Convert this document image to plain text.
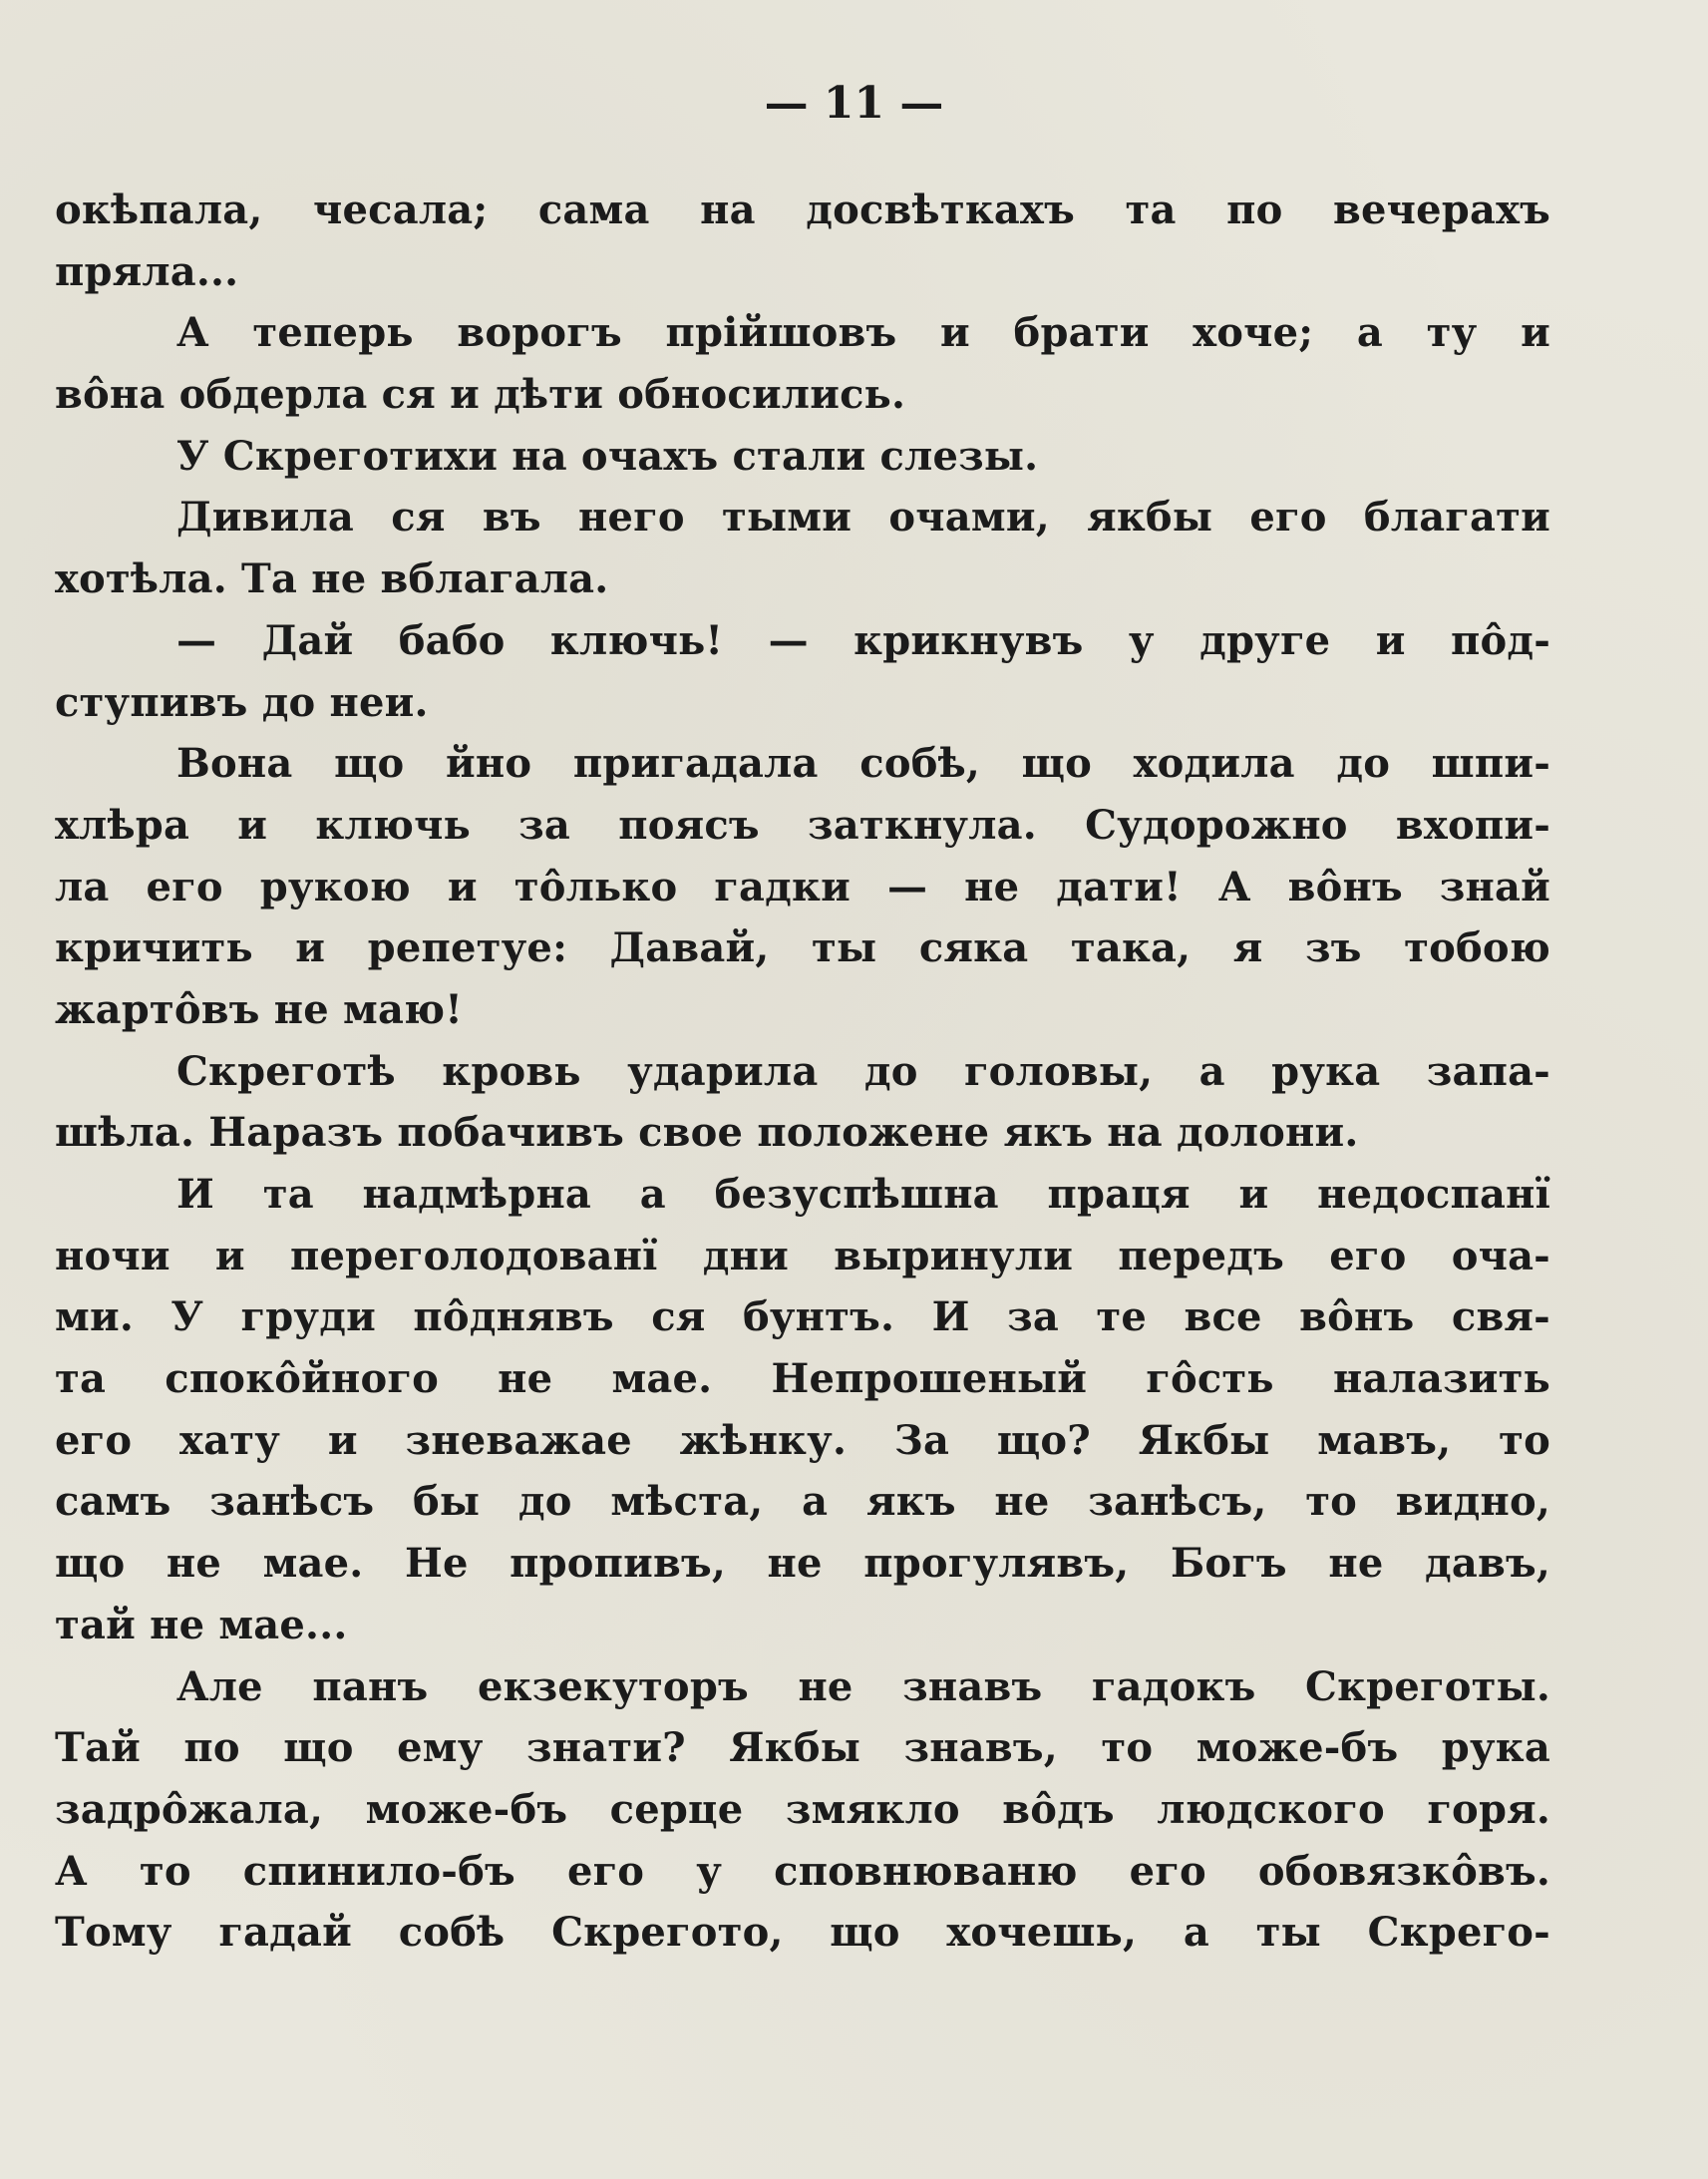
— 11 —
окѣпала, чесала; сама на досвѣткахъ та по вечерахъ
пряла...
А теперь ворогъ прійшовъ и брати хоче; а ту и
вôна обдерла ся и дѣти обносились.
У Скреготихи на очахъ стали слезы.
Дивила ся въ него тыми очами, якбы его благати
хотѣла. Та не вблагала.
— Дай бабо ключь! — крикнувъ у друге и пôд-
ступивъ до неи.
Вона що йно пригадала собѣ, що ходила до шпи-
хлѣра и ключь за поясъ заткнула. Судорожно вхопи-
ла его рукою и тôлько гадки — не дати! А вôнъ знай
кричить и репетуе: Давай, ты сяка така, я зъ тобою
жартôвъ не маю!
Скреготѣ кровь ударила до головы, а рука запа-
шѣла. Наразъ побачивъ свое положене якъ на долони.
И та надмѣрна а безуспѣшна праця и недоспанї
ночи и переголодованї дни выринули передъ его оча-
ми. У груди пôднявъ ся бунтъ. И за те все вôнъ свя-
та спокôйного не мае. Непрошеный гôсть налазить
его хату и зневажае жѣнку. За що? Якбы мавъ, то
самъ занѣсъ бы до мѣста, а якъ не занѣсъ, то видно,
що не мае. Не пропивъ, не прогулявъ, Богъ не давъ,
тай не мае...
Але панъ екзекуторъ не знавъ гадокъ Скреготы.
Тай по що ему знати? Якбы знавъ, то може-бъ рука
задрôжала, може-бъ серце змякло вôдъ людского горя.
А то спинило-бъ его у сповнюваню его обовязкôвъ.
Тому гадай собѣ Скрегото, що хочешь, а ты Скрего-
